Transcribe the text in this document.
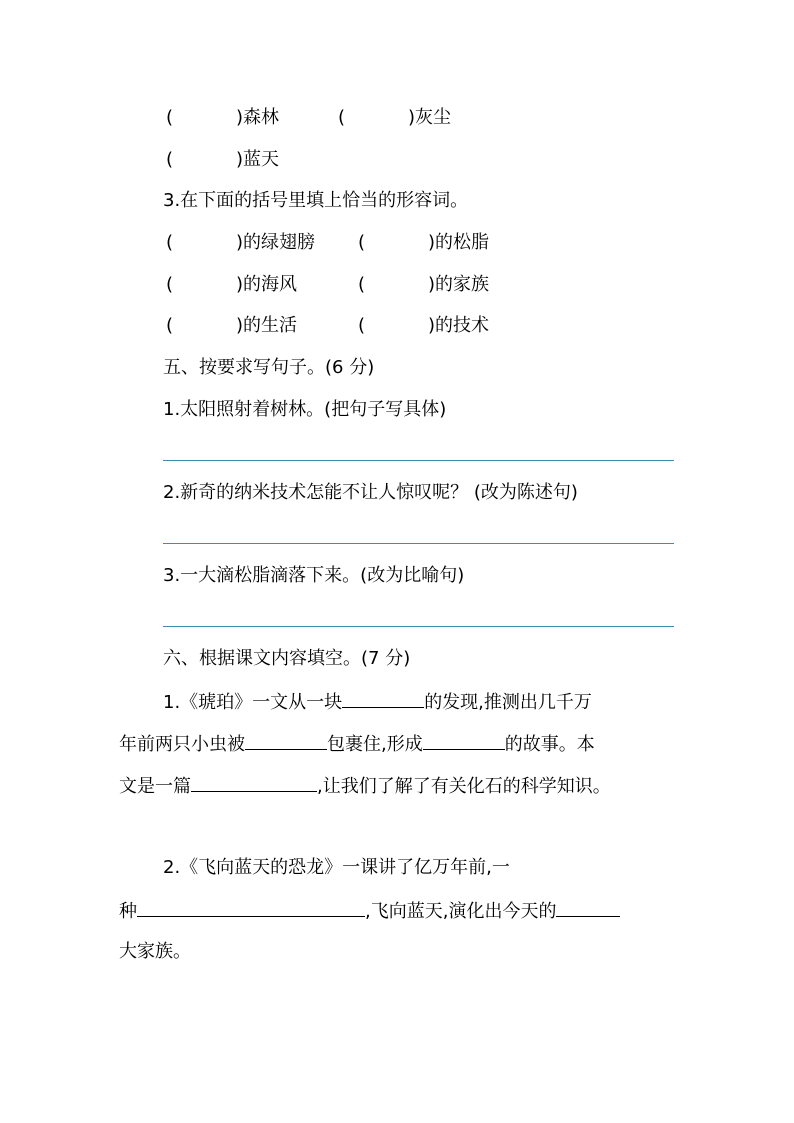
(	)森林	(	)灰尘
(	)蓝天
3.在下面的括号里填上恰当的形容词。
(	)的绿翅膀 (	)的松脂
(	)的海风	(	)的家族
(	)的生活	(	)的技术
五、按要求写句子。(6 分)
1.太阳照射着树林。(把句子写具体)
2.新奇的纳米技术怎能不让人惊叹呢？ (改为陈述句)
3.一大滴松脂滴落下来。(改为比喻句)
六、根据课文内容填空。(7 分)
1.《琥珀》一文从一块	的发现,推测出几千万
年前两只小虫被	包裹住,形成	的故事。本
文是一篇	,让我们了解了有关化石的科学知识。
2.《飞向蓝天的恐龙》一课讲了亿万年前,一
种	,飞向蓝天,演化出今天的
大家族。
